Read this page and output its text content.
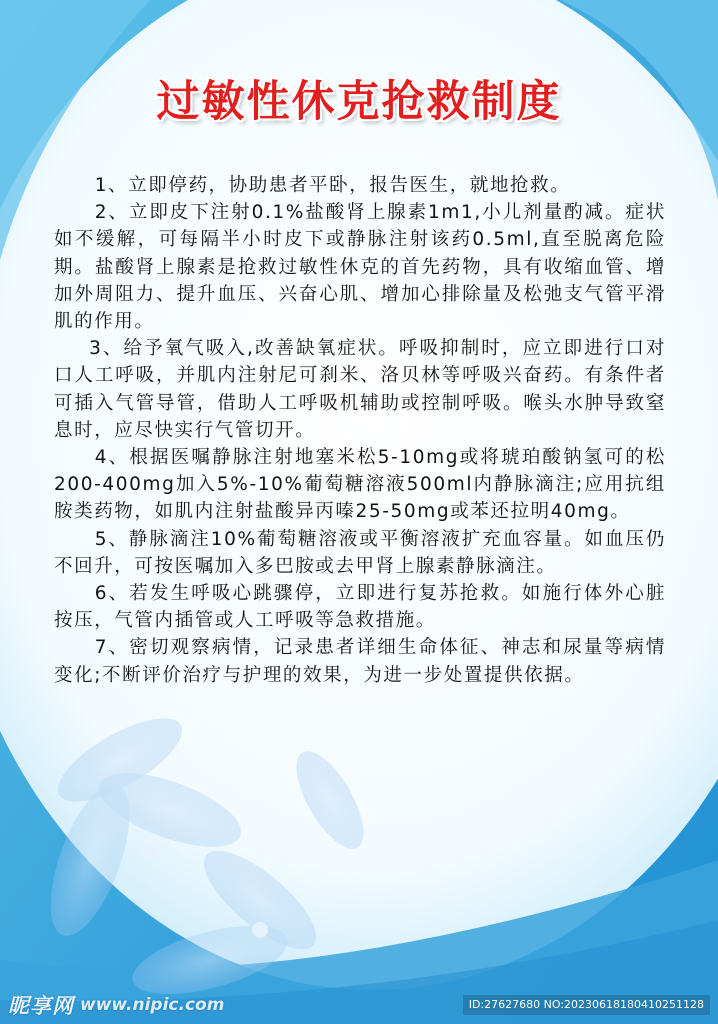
过敏性休克抢救制度

1、立即停药，协助患者平卧，报告医生，就地抢救。

2、立即皮下注射0.1%盐酸肾上腺素1m1,小儿剂量酌减。症状如不缓解，可每隔半小时皮下或静脉注射该药0.5ml,直至脱离危险期。盐酸肾上腺素是抢救过敏性休克的首先药物，具有收缩血管、增加外周阻力、提升血压、兴奋心肌、增加心排除量及松弛支气管平滑肌的作用。

3、给予氧气吸入,改善缺氧症状。呼吸抑制时，应立即进行口对口人工呼吸，并肌内注射尼可刹米、洛贝林等呼吸兴奋药。有条件者可插入气管导管，借助人工呼吸机辅助或控制呼吸。喉头水肿导致窒息时，应尽快实行气管切开。

4、根据医嘱静脉注射地塞米松5-10mg或将琥珀酸钠氢可的松200-400mg加入5%-10%葡萄糖溶液500ml内静脉滴注;应用抗组胺类药物，如肌内注射盐酸异丙嗪25-50mg或苯还拉明40mg。

5、静脉滴注10%葡萄糖溶液或平衡溶液扩充血容量。如血压仍不回升，可按医嘱加入多巴胺或去甲肾上腺素静脉滴注。

6、若发生呼吸心跳骤停，立即进行复苏抢救。如施行体外心脏按压，气管内插管或人工呼吸等急救措施。

7、密切观察病情，记录患者详细生命体征、神志和尿量等病情变化;不断评价治疗与护理的效果，为进一步处置提供依据。

昵享网 www.nipic.com	ID:27627680 NO:20230618180410251128
